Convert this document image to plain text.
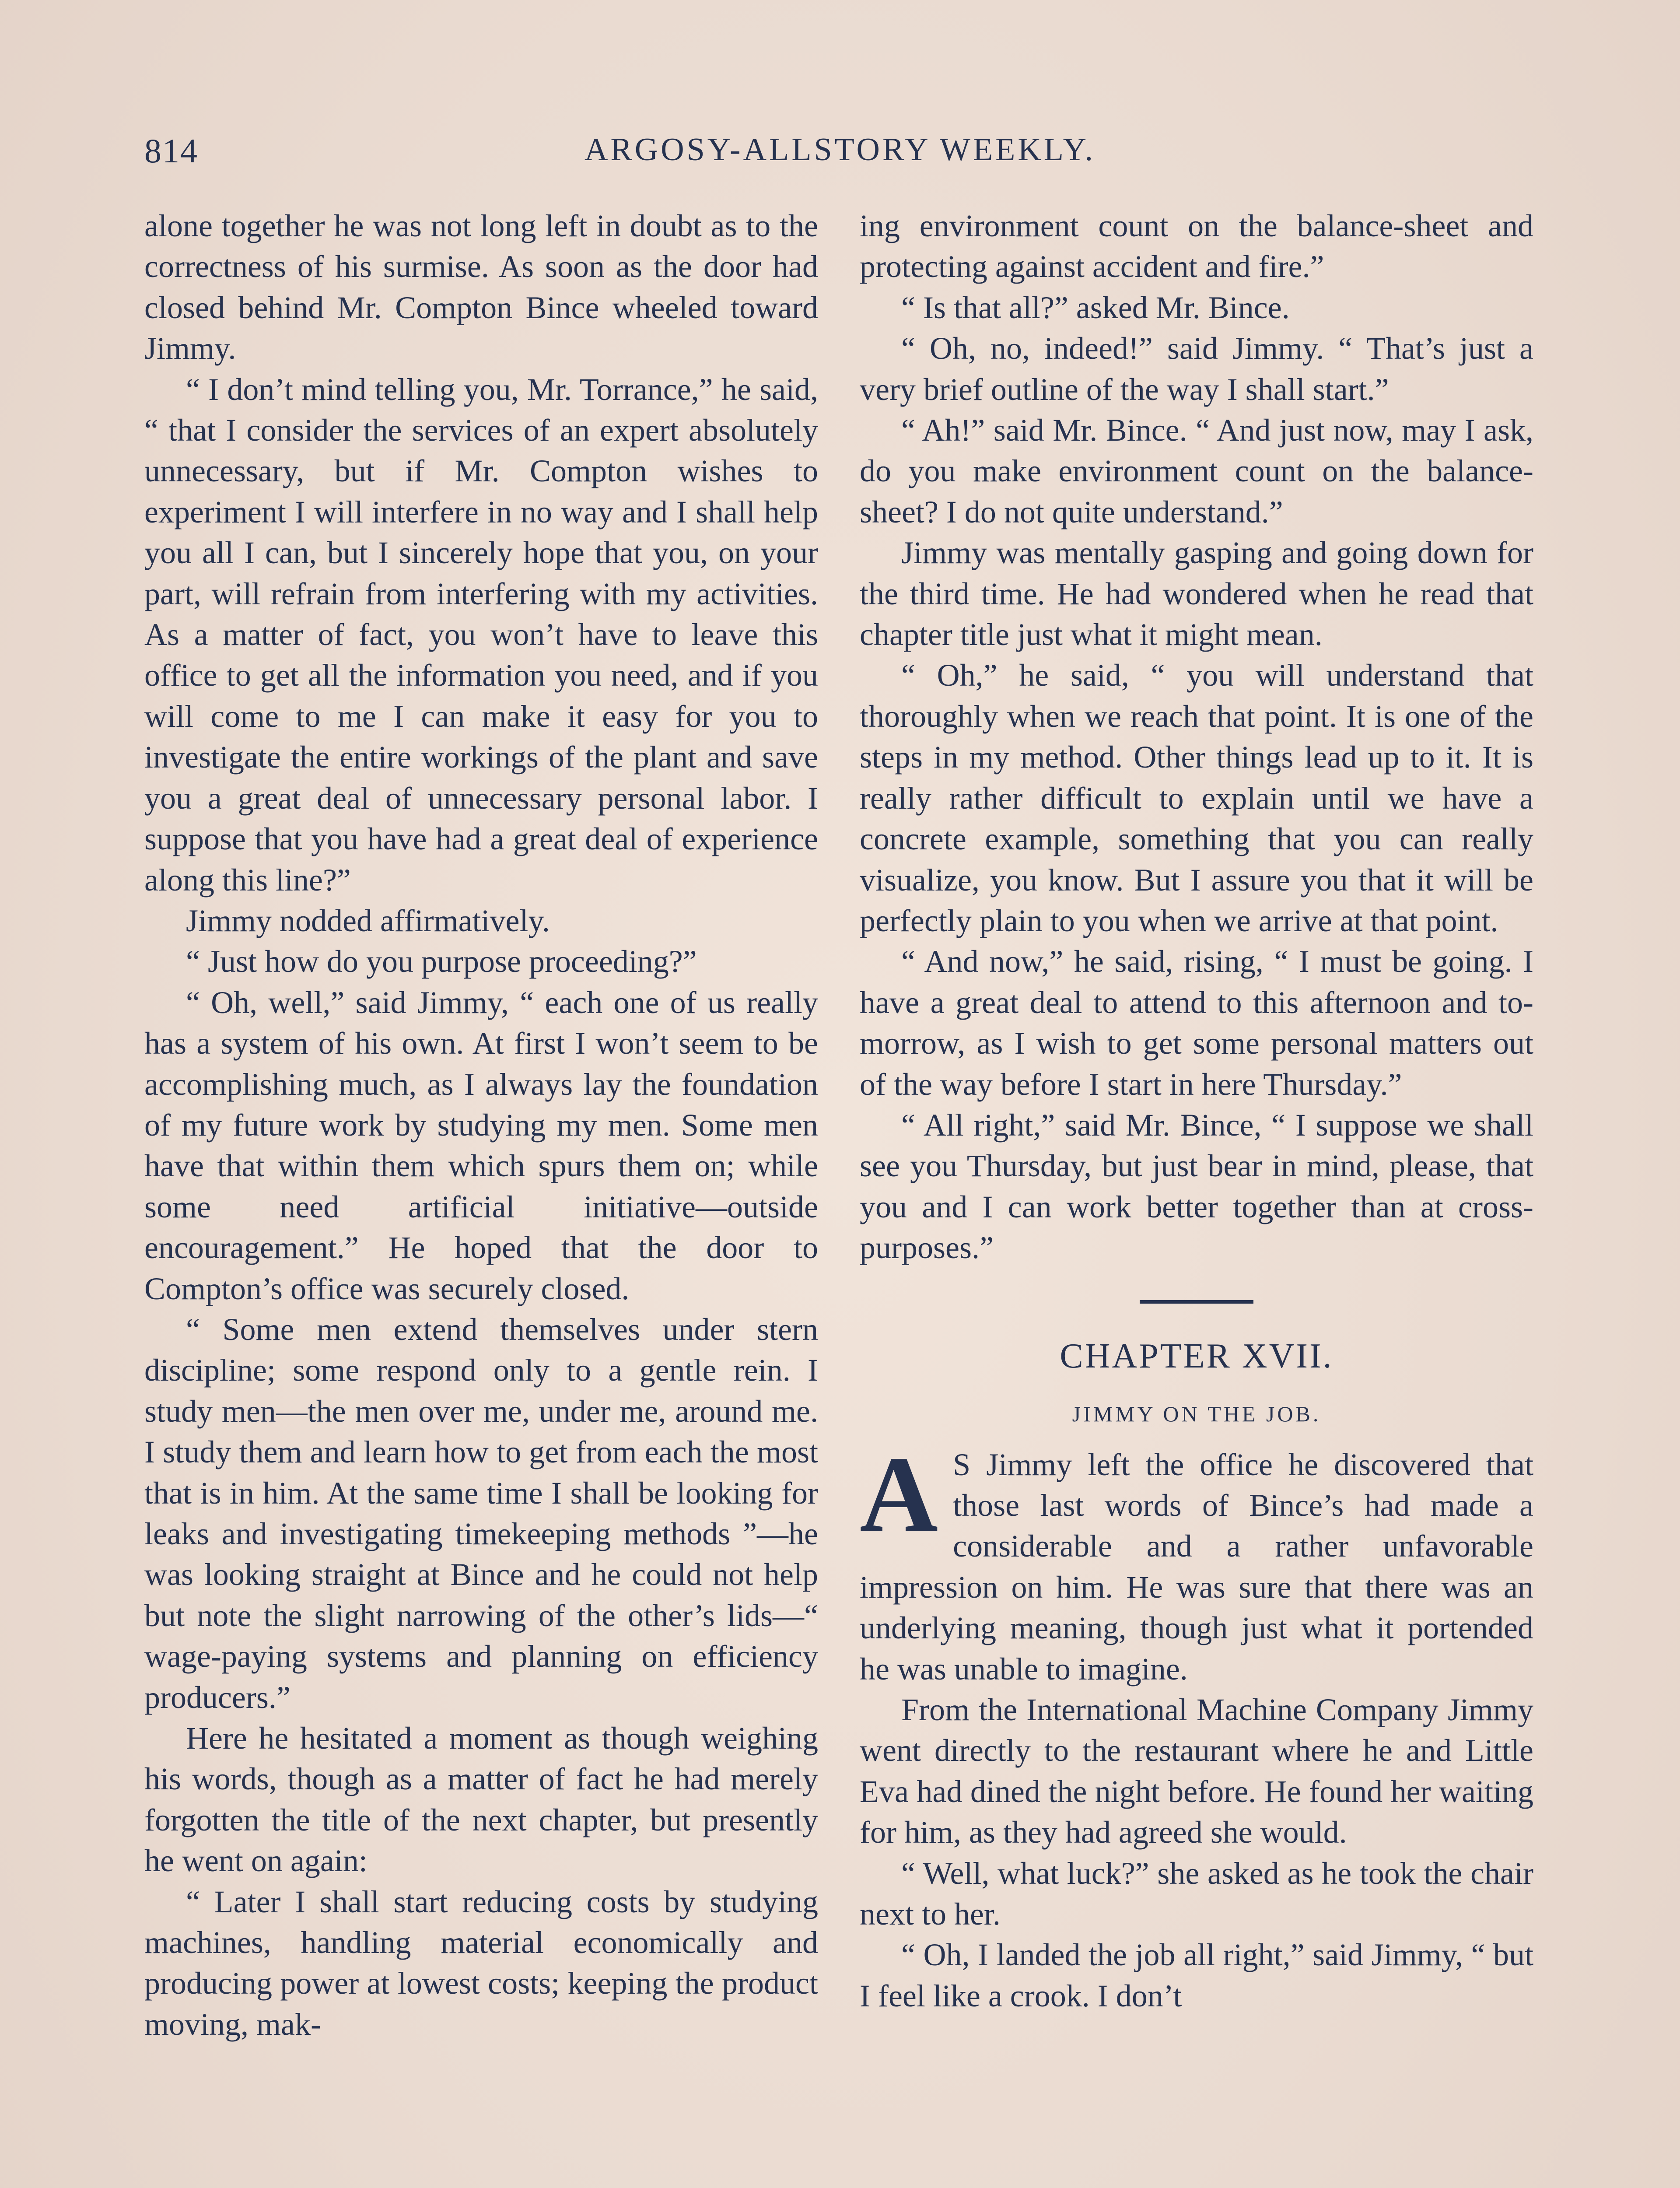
814	ARGOSY-ALLSTORY WEEKLY.

alone together he was not long left in doubt as to the correctness of his surmise. As soon as the door had closed behind Mr. Compton Bince wheeled toward Jimmy.

“ I don’t mind telling you, Mr. Torrance,” he said, “ that I consider the services of an expert absolutely unnecessary, but if Mr. Compton wishes to experiment I will interfere in no way and I shall help you all I can, but I sincerely hope that you, on your part, will refrain from interfering with my activities. As a matter of fact, you won’t have to leave this office to get all the information you need, and if you will come to me I can make it easy for you to investigate the entire workings of the plant and save you a great deal of unnecessary personal labor. I suppose that you have had a great deal of experience along this line?”

Jimmy nodded affirmatively.

“ Just how do you purpose proceeding?”

“ Oh, well,” said Jimmy, “ each one of us really has a system of his own. At first I won’t seem to be accomplishing much, as I always lay the foundation of my future work by studying my men. Some men have that within them which spurs them on; while some need artificial initiative—outside encouragement.” He hoped that the door to Compton’s office was securely closed.

“ Some men extend themselves under stern discipline; some respond only to a gentle rein. I study men—the men over me, under me, around me. I study them and learn how to get from each the most that is in him. At the same time I shall be looking for leaks and investigating timekeeping methods ”—he was looking straight at Bince and he could not help but note the slight narrowing of the other’s lids—“ wage-paying systems and planning on efficiency producers.”

Here he hesitated a moment as though weighing his words, though as a matter of fact he had merely forgotten the title of the next chapter, but presently he went on again:

“ Later I shall start reducing costs by studying machines, handling material economically and producing power at lowest costs; keeping the product moving, mak-

ing environment count on the balance-sheet and protecting against accident and fire.”

“ Is that all?” asked Mr. Bince.

“ Oh, no, indeed!” said Jimmy. “ That’s just a very brief outline of the way I shall start.”

“ Ah!” said Mr. Bince. “ And just now, may I ask, do you make environment count on the balance-sheet? I do not quite understand.”

Jimmy was mentally gasping and going down for the third time. He had wondered when he read that chapter title just what it might mean.

“ Oh,” he said, “ you will understand that thoroughly when we reach that point. It is one of the steps in my method. Other things lead up to it. It is really rather difficult to explain until we have a concrete example, something that you can really visualize, you know. But I assure you that it will be perfectly plain to you when we arrive at that point.

“ And now,” he said, rising, “ I must be going. I have a great deal to attend to this afternoon and to-morrow, as I wish to get some personal matters out of the way before I start in here Thursday.”

“ All right,” said Mr. Bince, “ I suppose we shall see you Thursday, but just bear in mind, please, that you and I can work better together than at cross-purposes.”

CHAPTER XVII.
JIMMY ON THE JOB.

A S Jimmy left the office he discovered that those last words of Bince’s had made a considerable and a rather unfavorable impression on him. He was sure that there was an underlying meaning, though just what it portended he was unable to imagine.

From the International Machine Company Jimmy went directly to the restaurant where he and Little Eva had dined the night before. He found her waiting for him, as they had agreed she would.

“ Well, what luck?” she asked as he took the chair next to her.

“ Oh, I landed the job all right,” said Jimmy, “ but I feel like a crook. I don’t
